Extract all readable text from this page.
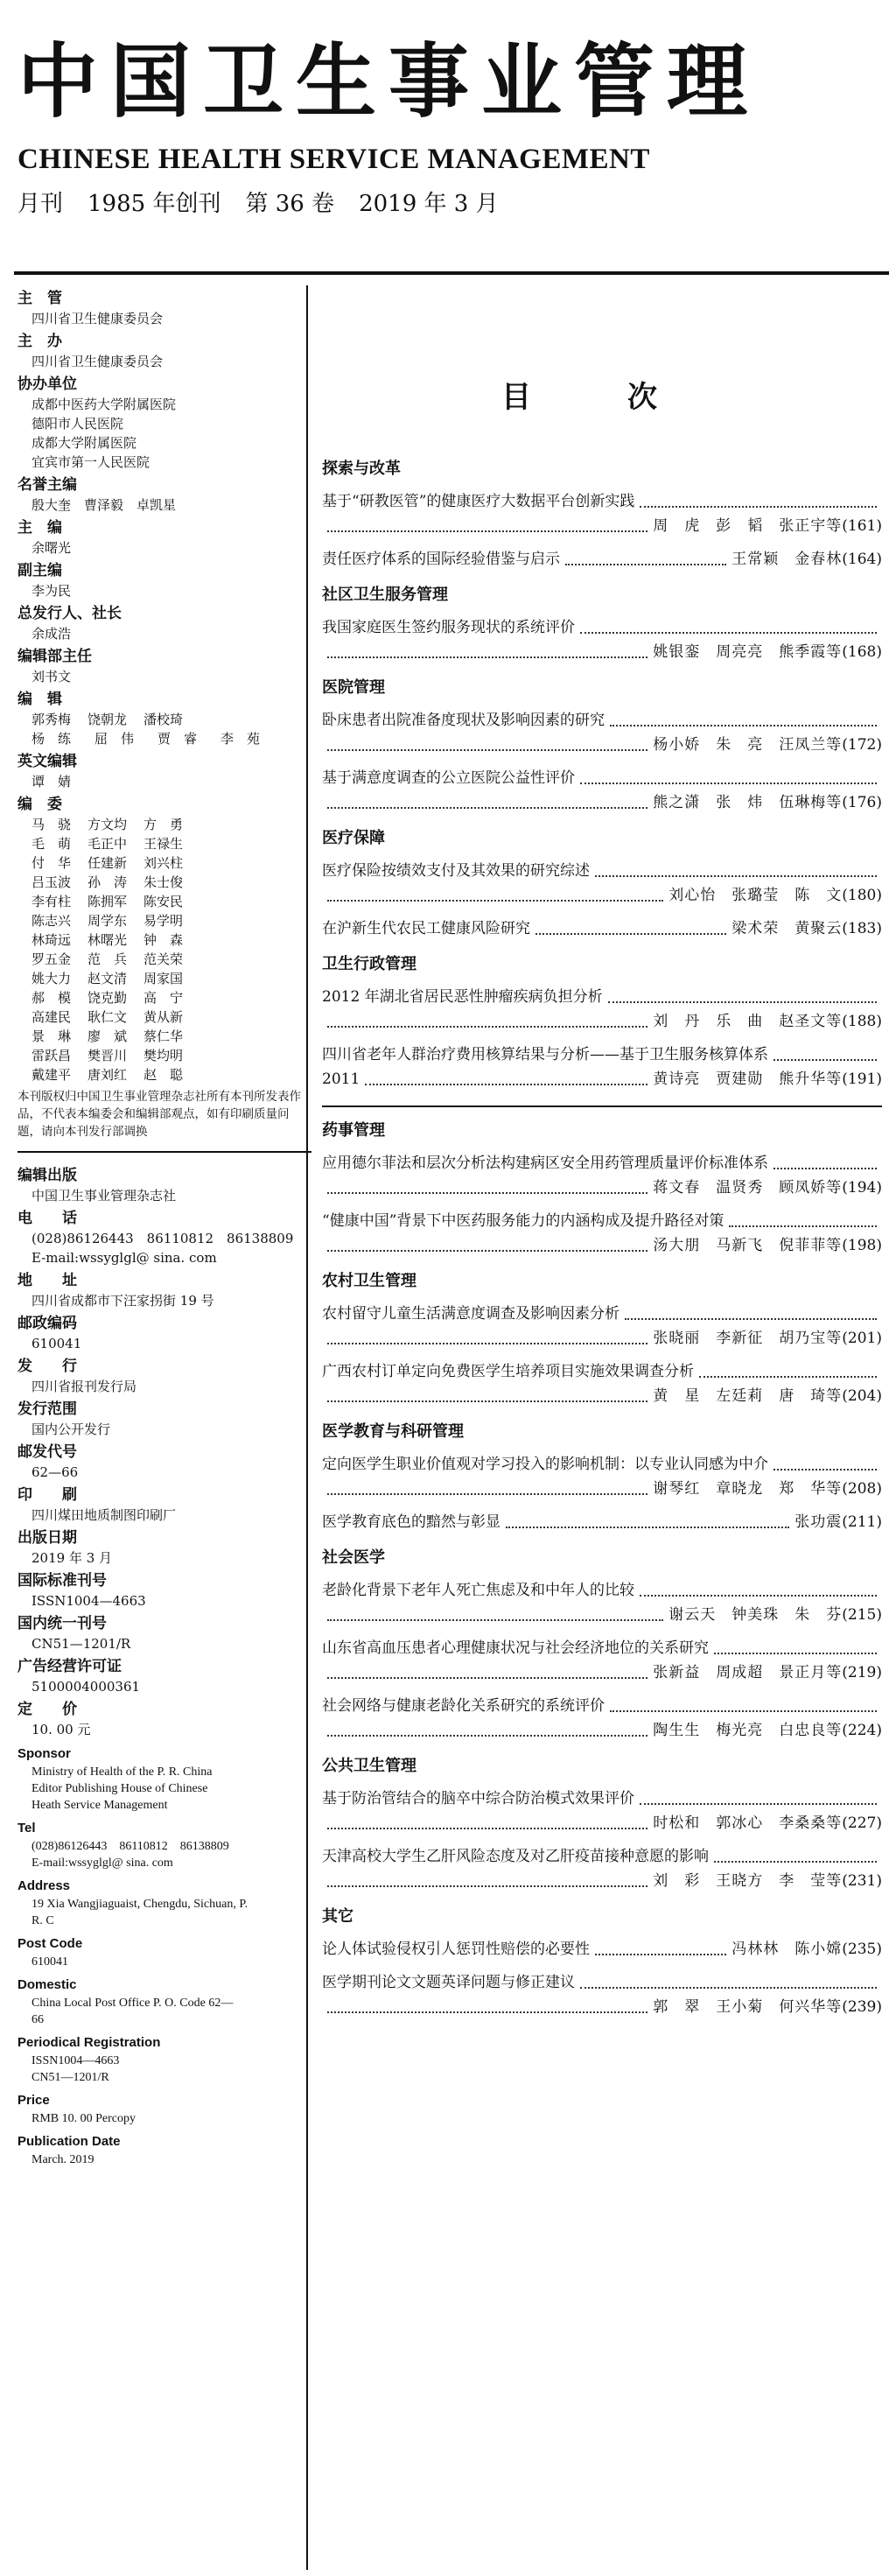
中国卫生事业管理
CHINESE HEALTH SERVICE MANAGEMENT
月刊 1985 年创刊 第 36 卷 2019 年 3 月
主　管
四川省卫生健康委员会
主　办
四川省卫生健康委员会
协办单位
成都中医药大学附属医院
德阳市人民医院
成都大学附属医院
宜宾市第一人民医院
名誉主编
殷大奎　曹泽毅　卓凯星
主　编
余曙光
副主编
李为民
总发行人、社长
余成浩
编辑部主任
刘书文
编　辑
郭秀梅	饶朝龙	潘校琦
杨　练	屈　伟	贾　睿	李　苑
英文编辑
谭　婧
编　委
马　骁	方文均	方　勇
毛　萌	毛正中	王禄生
付　华	任建新	刘兴柱
吕玉波	孙　涛	朱士俊
李有柱	陈拥军	陈安民
陈志兴	周学东	易学明
林琦远	林曙光	钟　森
罗五金	范　兵	范关荣
姚大力	赵文清	周家国
郝　模	饶克勤	高　宁
高建民	耿仁文	黄从新
景　琳	廖　斌	蔡仁华
雷跃昌	樊晋川	樊均明
戴建平	唐刘红	赵　聪
本刊版权归中国卫生事业管理杂志社所有本刊所发表作品，不代表本编委会和编辑部观点，如有印刷质量问题，请向本刊发行部调换
编辑出版
中国卫生事业管理杂志社
电　　话
(028)86126443　86110812　86138809
E-mail:wssyglgl@ sina. com
地　　址
四川省成都市下汪家拐街 19 号
邮政编码
610041
发　　行
四川省报刊发行局
发行范围
国内公开发行
邮发代号
62—66
印　　刷
四川煤田地质制图印刷厂
出版日期
2019 年 3 月
国际标准刊号
ISSN1004—4663
国内统一刊号
CN51—1201/R
广告经营许可证
5100004000361
定　　价
10. 00 元
Sponsor
Ministry of Health of the P. R. China
Editor Publishing House of Chinese
Heath Service Management
Tel
(028)86126443　86110812　86138809
E-mail:wssyglgl@ sina. com
Address
19 Xia Wangjiaguaist, Chengdu, Sichuan, P.
R. C
Post Code
610041
Domestic
China Local Post Office P. O. Code 62—
66
Periodical Registration
ISSN1004—4663
CN51—1201/R
Price
RMB 10. 00 Percopy
Publication Date
March. 2019
目次
探索与改革
基于“研教医管”的健康医疗大数据平台创新实践
周　虎　彭　韬　张正宇等 (161)
责任医疗体系的国际经验借鉴与启示	王常颖　金春林 (164)
社区卫生服务管理
我国家庭医生签约服务现状的系统评价
姚银銮　周亮亮　熊季霞等 (168)
医院管理
卧床患者出院准备度现状及影响因素的研究
杨小娇　朱　亮　汪凤兰等 (172)
基于满意度调查的公立医院公益性评价
熊之潇　张　炜　伍琳梅等 (176)
医疗保障
医疗保险按绩效支付及其效果的研究综述
刘心怡　张璐莹　陈　文 (180)
在沪新生代农民工健康风险研究	梁术荣　黄聚云 (183)
卫生行政管理
2012 年湖北省居民恶性肿瘤疾病负担分析
刘　丹　乐　曲　赵圣文等 (188)
四川省老年人群治疗费用核算结果与分析——基于卫生服务核算体系
2011	黄诗亮　贾建勋　熊升华等 (191)
药事管理
应用德尔菲法和层次分析法构建病区安全用药管理质量评价标准体系
蒋文春　温贤秀　顾凤娇等 (194)
“健康中国”背景下中医药服务能力的内涵构成及提升路径对策
汤大朋　马新飞　倪菲菲等 (198)
农村卫生管理
农村留守儿童生活满意度调查及影响因素分析
张晓丽　李新征　胡乃宝等 (201)
广西农村订单定向免费医学生培养项目实施效果调查分析
黄　星　左廷莉　唐　琦等 (204)
医学教育与科研管理
定向医学生职业价值观对学习投入的影响机制：以专业认同感为中介
谢琴红　章晓龙　郑　华等 (208)
医学教育底色的黯然与彰显	张功震 (211)
社会医学
老龄化背景下老年人死亡焦虑及和中年人的比较
谢云天　钟美珠　朱　芬 (215)
山东省高血压患者心理健康状况与社会经济地位的关系研究
张新益　周成超　景正月等 (219)
社会网络与健康老龄化关系研究的系统评价
陶生生　梅光亮　白忠良等 (224)
公共卫生管理
基于防治管结合的脑卒中综合防治模式效果评价
时松和　郭冰心　李桑桑等 (227)
天津高校大学生乙肝风险态度及对乙肝疫苗接种意愿的影响
刘　彩　王晓方　李　莹等 (231)
其它
论人体试验侵权引人惩罚性赔偿的必要性	冯林林　陈小嫦 (235)
医学期刊论文文题英译问题与修正建议
郭　翠　王小菊　何兴华等 (239)
